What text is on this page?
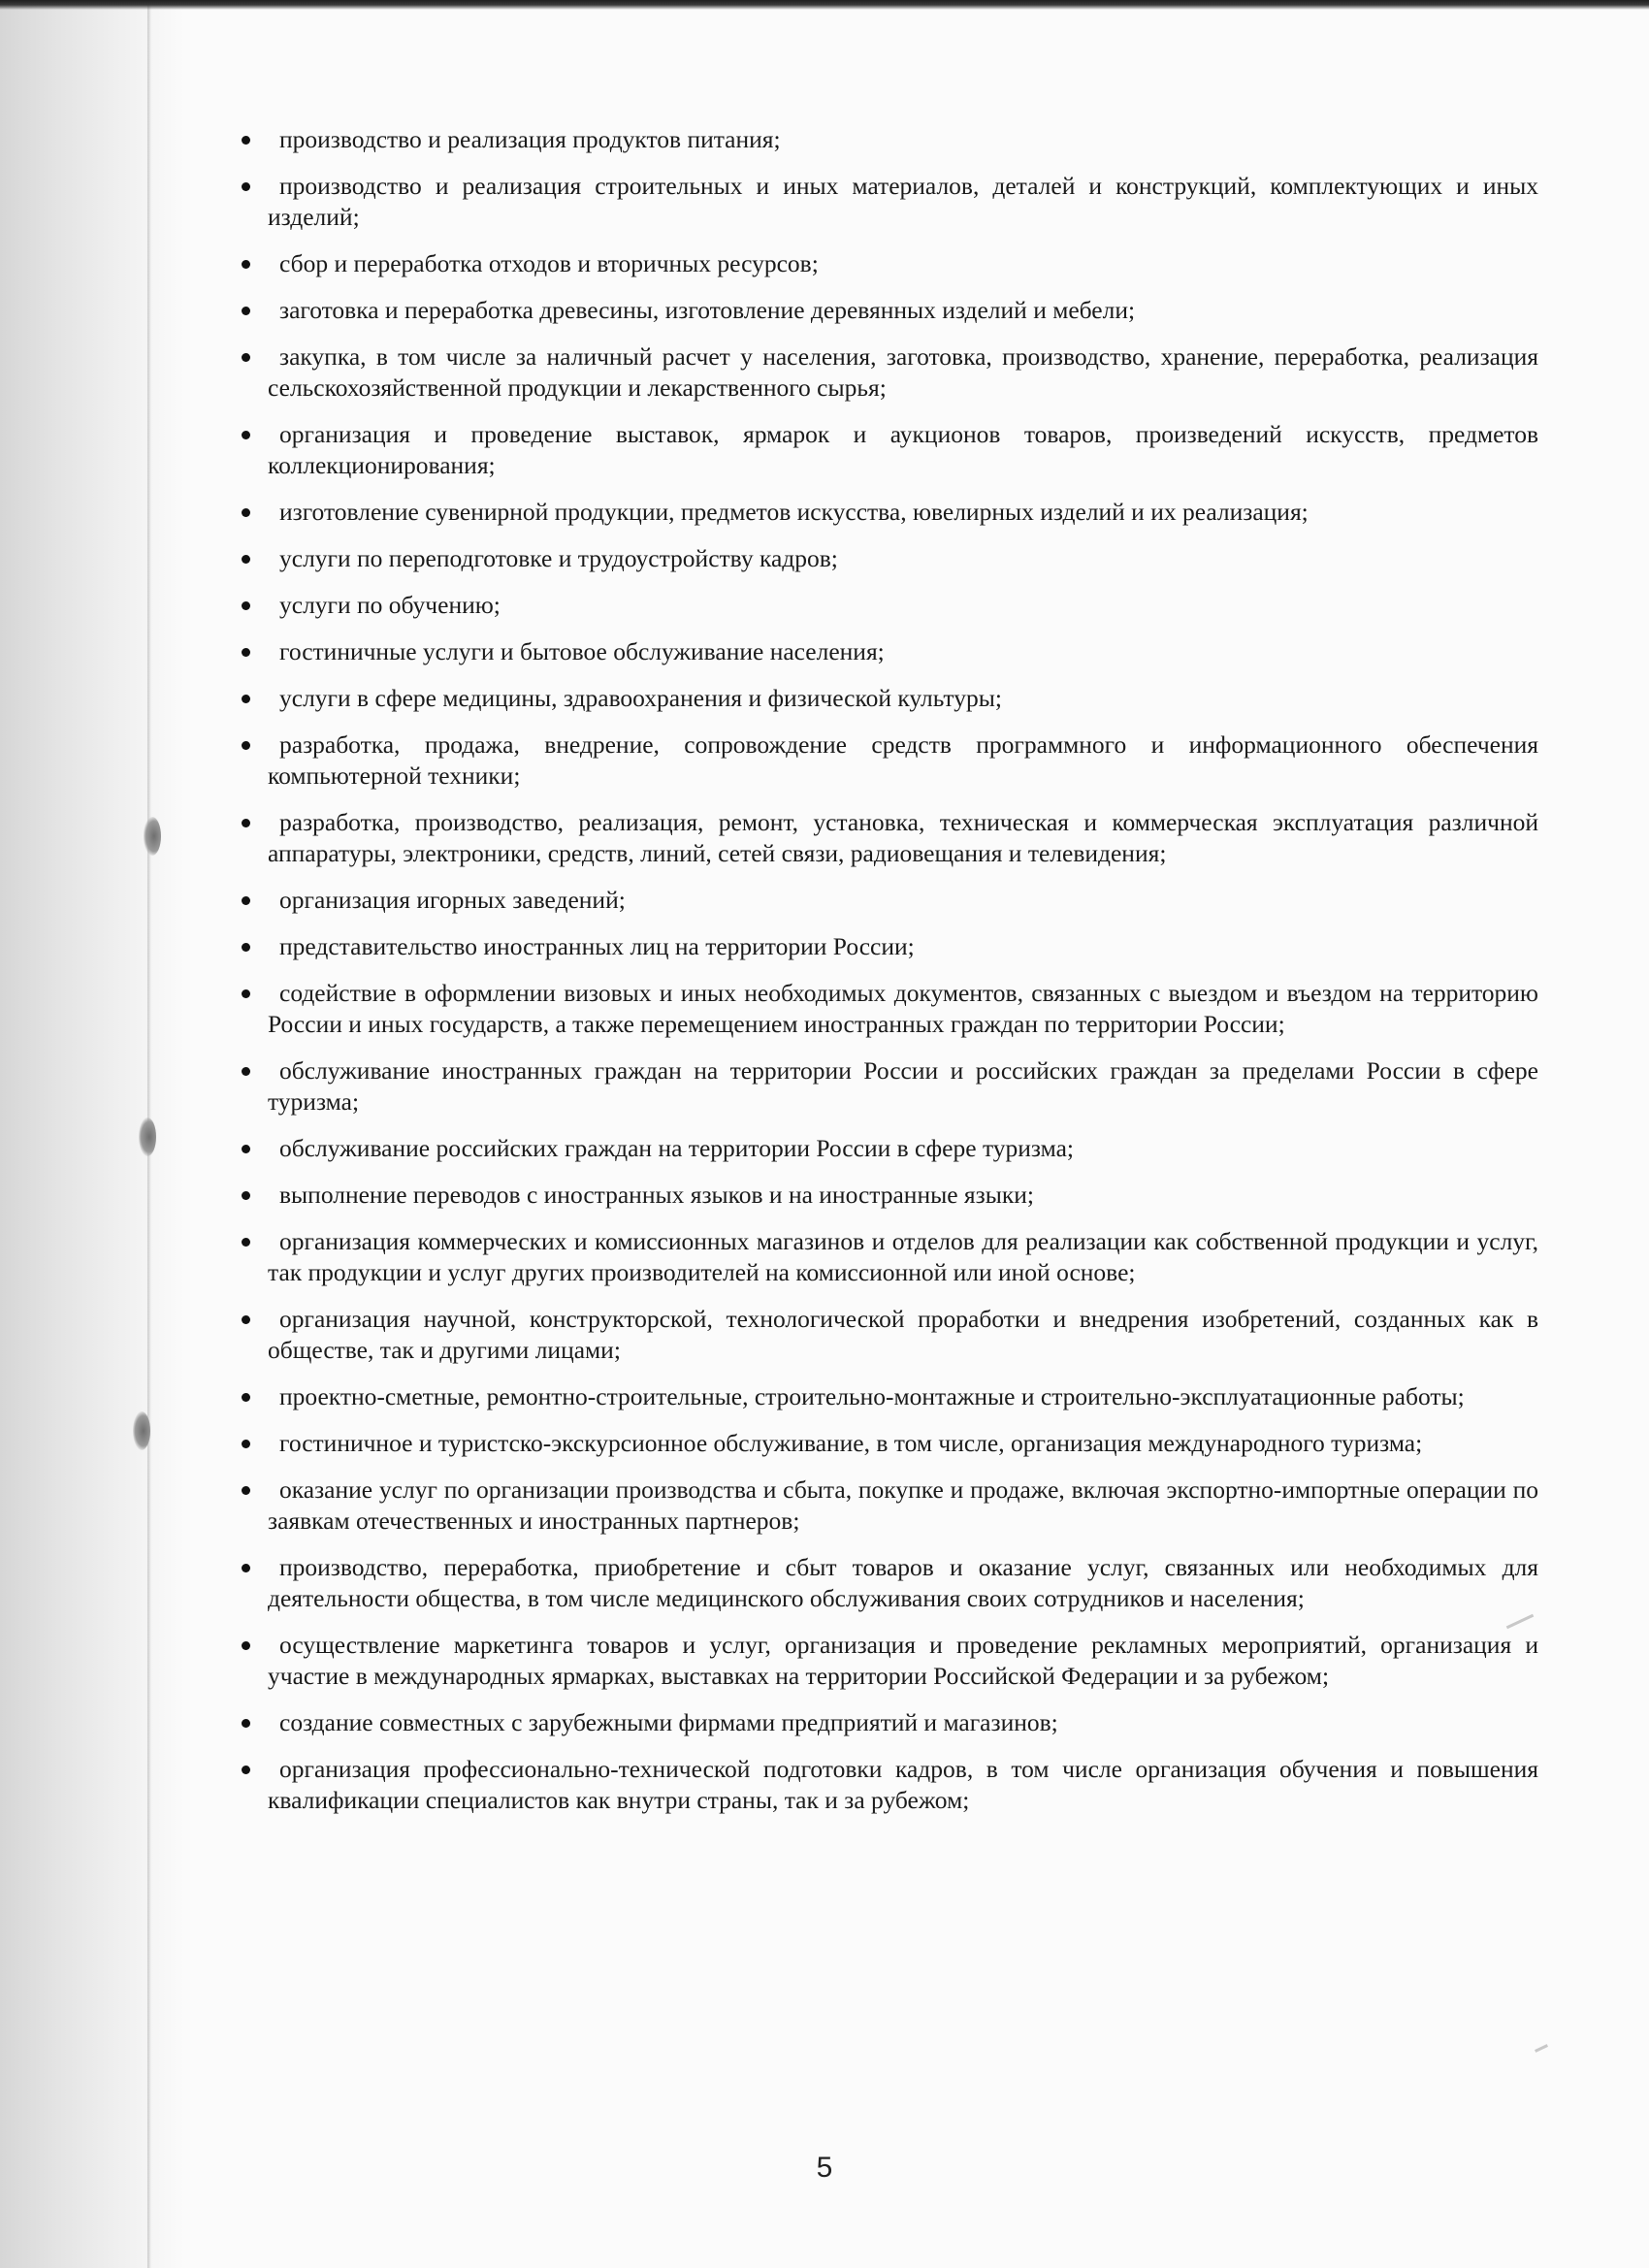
производство и реализация продуктов питания;
производство и реализация строительных и иных материалов, деталей и конструкций, комплектующих и иных изделий;
сбор и переработка отходов и вторичных ресурсов;
заготовка и переработка древесины, изготовление деревянных изделий и мебели;
закупка, в том числе за наличный расчет у населения, заготовка, производство, хранение, переработка, реализация сельскохозяйственной продукции и лекарственного сырья;
организация и проведение выставок, ярмарок и аукционов товаров, произведений искусств, предметов коллекционирования;
изготовление сувенирной продукции, предметов искусства, ювелирных изделий и их реализация;
услуги по переподготовке и трудоустройству кадров;
услуги по обучению;
гостиничные услуги и бытовое обслуживание населения;
услуги в сфере медицины, здравоохранения и физической культуры;
разработка, продажа, внедрение, сопровождение средств программного и информационного обеспечения компьютерной техники;
разработка, производство, реализация, ремонт, установка, техническая и коммерческая эксплуатация различной аппаратуры, электроники, средств, линий, сетей связи, радиовещания и телевидения;
организация игорных заведений;
представительство иностранных лиц на территории России;
содействие в оформлении визовых и иных необходимых документов, связанных с выездом и въездом на территорию России и иных государств, а также перемещением иностранных граждан по территории России;
обслуживание иностранных граждан на территории России и российских граждан за пределами России в сфере туризма;
обслуживание российских граждан на территории России в сфере туризма;
выполнение переводов с иностранных языков и на иностранные языки;
организация коммерческих и комиссионных магазинов и отделов для реализации как собственной продукции и услуг, так продукции и услуг других производителей на комиссионной или иной основе;
организация научной, конструкторской, технологической проработки и внедрения изобретений, созданных как в обществе, так и другими лицами;
проектно-сметные, ремонтно-строительные, строительно-монтажные и строительно-эксплуатационные работы;
гостиничное и туристско-экскурсионное обслуживание, в том числе, организация международного туризма;
оказание услуг по организации производства и сбыта, покупке и продаже, включая экспортно-импортные операции по заявкам отечественных и иностранных партнеров;
производство, переработка, приобретение и сбыт товаров и оказание услуг, связанных или необходимых для деятельности общества, в том числе медицинского обслуживания своих сотрудников и населения;
осуществление маркетинга товаров и услуг, организация и проведение рекламных мероприятий, организация и участие в международных ярмарках, выставках на территории Российской Федерации и за рубежом;
создание совместных с зарубежными фирмами предприятий и магазинов;
организация профессионально-технической подготовки кадров, в том числе организация обучения и повышения квалификации специалистов как внутри страны, так и за рубежом;
5
